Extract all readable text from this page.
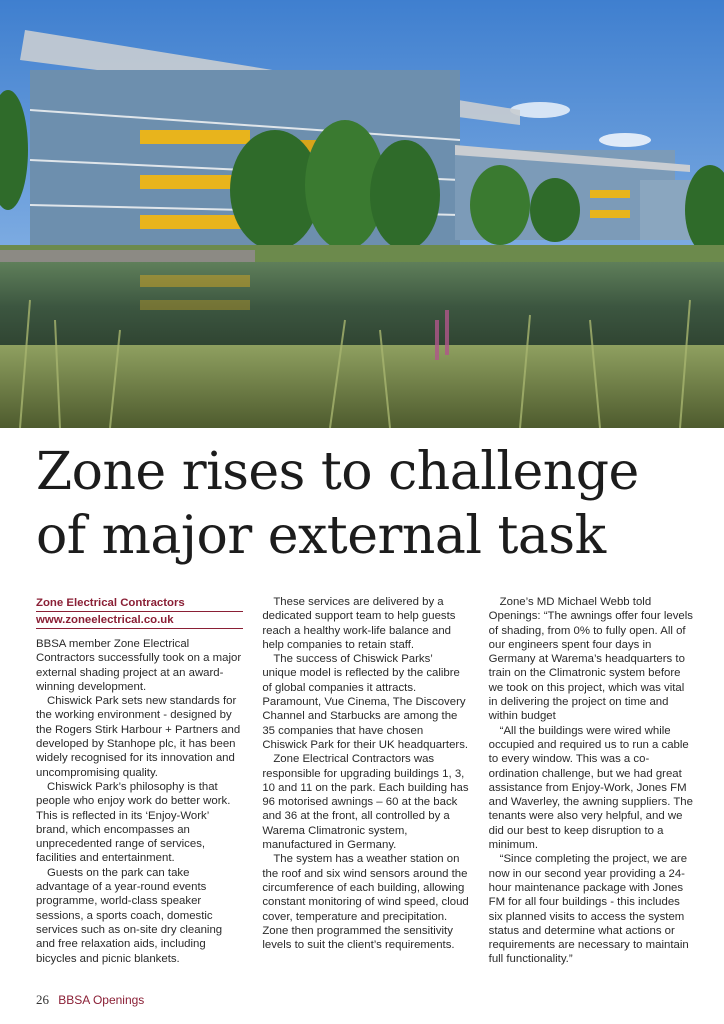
Zone rises to challenge
of major external task
Zone Electrical Contractors
www.zoneelectrical.co.uk

BBSA member Zone Electrical Contractors successfully took on a major external shading project at an award-winning development.

Chiswick Park sets new standards for the working environment - designed by the Rogers Stirk Harbour + Partners and developed by Stanhope plc, it has been widely recognised for its innovation and uncompromising quality.

Chiswick Park’s philosophy is that people who enjoy work do better work. This is reflected in its ‘Enjoy-Work’ brand, which encompasses an unprecedented range of services, facilities and entertainment.

Guests on the park can take advantage of a year-round events programme, world-class speaker sessions, a sports coach, domestic services such as on-site dry cleaning and free relaxation aids, including bicycles and picnic blankets.

These services are delivered by a dedicated support team to help guests reach a healthy work-life balance and help companies to retain staff.

The success of Chiswick Parks’ unique model is reflected by the calibre of global companies it attracts. Paramount, Vue Cinema, The Discovery Channel and Starbucks are among the 35 companies that have chosen Chiswick Park for their UK headquarters.

Zone Electrical Contractors was responsible for upgrading buildings 1, 3, 10 and 11 on the park. Each building has 96 motorised awnings – 60 at the back and 36 at the front, all controlled by a Warema Climatronic system, manufactured in Germany.

The system has a weather station on the roof and six wind sensors around the circumference of each building, allowing constant monitoring of wind speed, cloud cover, temperature and precipitation. Zone then programmed the sensitivity levels to suit the client’s requirements.

Zone’s MD Michael Webb told Openings: “The awnings offer four levels of shading, from 0% to fully open. All of our engineers spent four days in Germany at Warema’s headquarters to train on the Climatronic system before we took on this project, which was vital in delivering the project on time and within budget

“All the buildings were wired while occupied and required us to run a cable to every window. This was a co-ordination challenge, but we had great assistance from Enjoy-Work, Jones FM and Waverley, the awning suppliers. The tenants were also very helpful, and we did our best to keep disruption to a minimum.

“Since completing the project, we are now in our second year providing a 24-hour maintenance package with Jones FM for all four buildings - this includes six planned visits to access the system status and determine what actions or requirements are necessary to maintain full functionality.”

26 BBSA Openings
